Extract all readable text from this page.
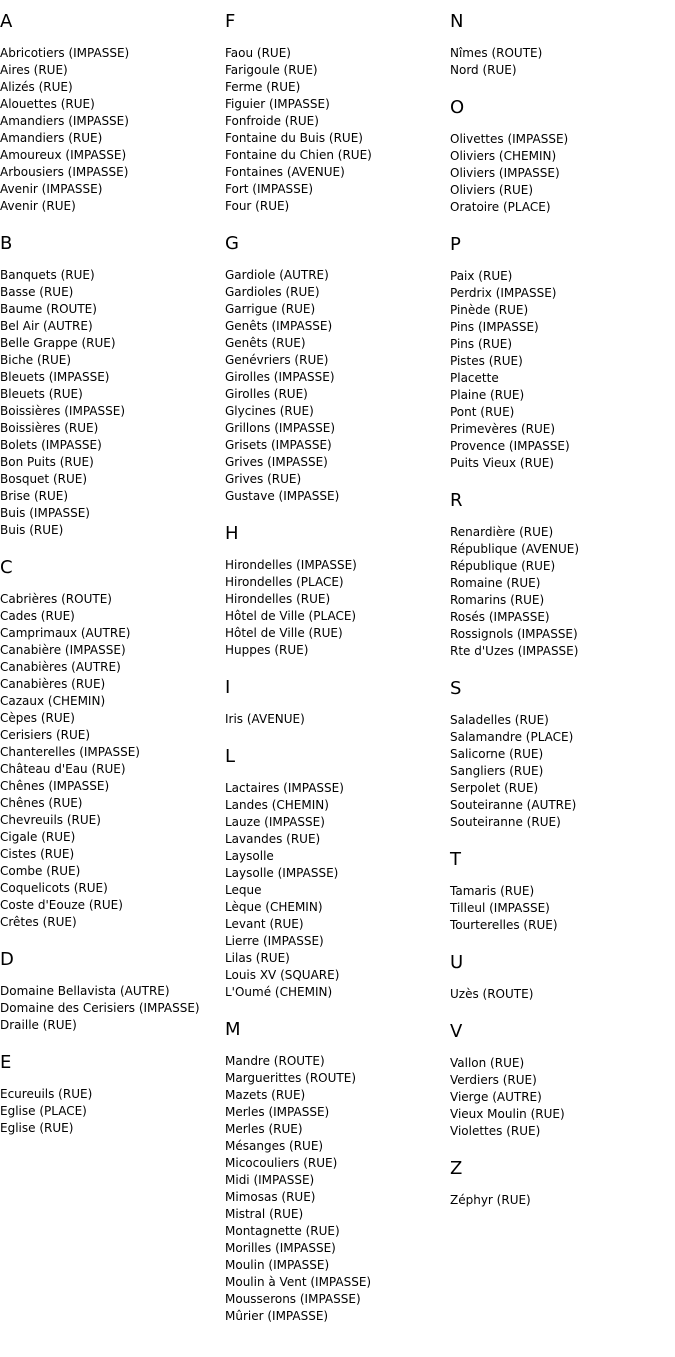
A
Abricotiers (IMPASSE)
Aires (RUE)
Alizés (RUE)
Alouettes (RUE)
Amandiers (IMPASSE)
Amandiers (RUE)
Amoureux (IMPASSE)
Arbousiers (IMPASSE)
Avenir (IMPASSE)
Avenir (RUE)
B
Banquets (RUE)
Basse (RUE)
Baume (ROUTE)
Bel Air (AUTRE)
Belle Grappe (RUE)
Biche (RUE)
Bleuets (IMPASSE)
Bleuets (RUE)
Boissières (IMPASSE)
Boissières (RUE)
Bolets (IMPASSE)
Bon Puits (RUE)
Bosquet (RUE)
Brise (RUE)
Buis (IMPASSE)
Buis (RUE)
C
Cabrières (ROUTE)
Cades (RUE)
Camprimaux (AUTRE)
Canabière (IMPASSE)
Canabières (AUTRE)
Canabières (RUE)
Cazaux (CHEMIN)
Cèpes (RUE)
Cerisiers (RUE)
Chanterelles (IMPASSE)
Château d'Eau (RUE)
Chênes (IMPASSE)
Chênes (RUE)
Chevreuils (RUE)
Cigale (RUE)
Cistes (RUE)
Combe (RUE)
Coquelicots (RUE)
Coste d'Eouze (RUE)
Crêtes (RUE)
D
Domaine Bellavista (AUTRE)
Domaine des Cerisiers (IMPASSE)
Draille (RUE)
E
Ecureuils (RUE)
Eglise (PLACE)
Eglise (RUE)
F
Faou (RUE)
Farigoule (RUE)
Ferme (RUE)
Figuier (IMPASSE)
Fonfroide (RUE)
Fontaine du Buis (RUE)
Fontaine du Chien (RUE)
Fontaines (AVENUE)
Fort (IMPASSE)
Four (RUE)
G
Gardiole (AUTRE)
Gardioles (RUE)
Garrigue (RUE)
Genêts (IMPASSE)
Genêts (RUE)
Genévriers (RUE)
Girolles (IMPASSE)
Girolles (RUE)
Glycines (RUE)
Grillons (IMPASSE)
Grisets (IMPASSE)
Grives (IMPASSE)
Grives (RUE)
Gustave (IMPASSE)
H
Hirondelles (IMPASSE)
Hirondelles (PLACE)
Hirondelles (RUE)
Hôtel de Ville (PLACE)
Hôtel de Ville (RUE)
Huppes (RUE)
I
Iris (AVENUE)
L
Lactaires (IMPASSE)
Landes (CHEMIN)
Lauze (IMPASSE)
Lavandes (RUE)
Laysolle
Laysolle (IMPASSE)
Leque
Lèque (CHEMIN)
Levant (RUE)
Lierre (IMPASSE)
Lilas (RUE)
Louis XV (SQUARE)
L'Oumé (CHEMIN)
M
Mandre (ROUTE)
Marguerittes (ROUTE)
Mazets (RUE)
Merles (IMPASSE)
Merles (RUE)
Mésanges (RUE)
Micocouliers (RUE)
Midi (IMPASSE)
Mimosas (RUE)
Mistral (RUE)
Montagnette (RUE)
Morilles (IMPASSE)
Moulin (IMPASSE)
Moulin à Vent (IMPASSE)
Mousserons (IMPASSE)
Mûrier (IMPASSE)
N
Nîmes (ROUTE)
Nord (RUE)
O
Olivettes (IMPASSE)
Oliviers (CHEMIN)
Oliviers (IMPASSE)
Oliviers (RUE)
Oratoire (PLACE)
P
Paix (RUE)
Perdrix (IMPASSE)
Pinède (RUE)
Pins (IMPASSE)
Pins (RUE)
Pistes (RUE)
Placette
Plaine (RUE)
Pont (RUE)
Primevères (RUE)
Provence (IMPASSE)
Puits Vieux (RUE)
R
Renardière (RUE)
République (AVENUE)
République (RUE)
Romaine (RUE)
Romarins (RUE)
Rosés (IMPASSE)
Rossignols (IMPASSE)
Rte d'Uzes (IMPASSE)
S
Saladelles (RUE)
Salamandre (PLACE)
Salicorne (RUE)
Sangliers (RUE)
Serpolet (RUE)
Souteiranne (AUTRE)
Souteiranne (RUE)
T
Tamaris (RUE)
Tilleul (IMPASSE)
Tourterelles (RUE)
U
Uzès (ROUTE)
V
Vallon (RUE)
Verdiers (RUE)
Vierge (AUTRE)
Vieux Moulin (RUE)
Violettes (RUE)
Z
Zéphyr (RUE)
